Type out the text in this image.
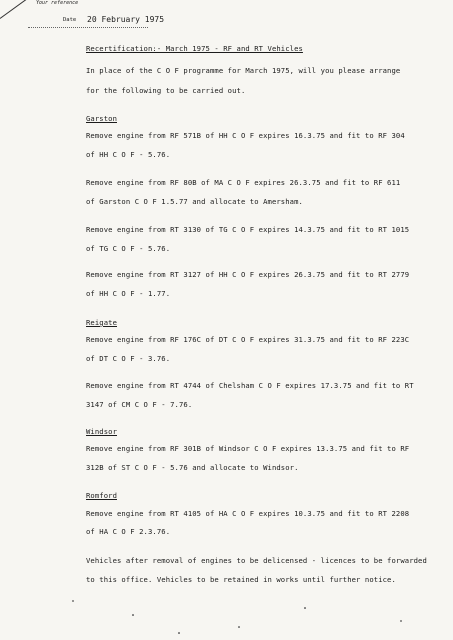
Your reference
Date 20 February 1975
Recertification:- March 1975 - RF and RT Vehicles
In place of the C O F programme for March 1975, will you please arrange
for the following to be carried out.
Garston
Remove engine from RF 571B of HH C O F expires 16.3.75 and fit to RF 304
of HH C O F - 5.76.
Remove engine from RF 80B of MA C O F expires 26.3.75 and fit to RF 611
of Garston C O F 1.5.77 and allocate to Amersham.
Remove engine from RT 3130 of TG C O F expires 14.3.75 and fit to RT 1015
of TG C O F - 5.76.
Remove engine from RT 3127 of HH C O F expires 26.3.75 and fit to RT 2779
of HH C O F - 1.77.
Reigate
Remove engine from RF 176C of DT C O F expires 31.3.75 and fit to RF 223C
of DT C O F - 3.76.
Remove engine from RT 4744 of Chelsham C O F expires 17.3.75 and fit to RT
3147 of CM C O F - 7.76.
Windsor
Remove engine from RF 301B of Windsor C O F expires 13.3.75 and fit to RF
312B of ST C O F - 5.76 and allocate to Windsor.
Romford
Remove engine from RT 4105 of HA C O F expires 10.3.75 and fit to RT 2208
of HA C O F 2.3.76.
Vehicles after removal of engines to be delicensed - licences to be forwarded
to this office. Vehicles to be retained in works until further notice.
